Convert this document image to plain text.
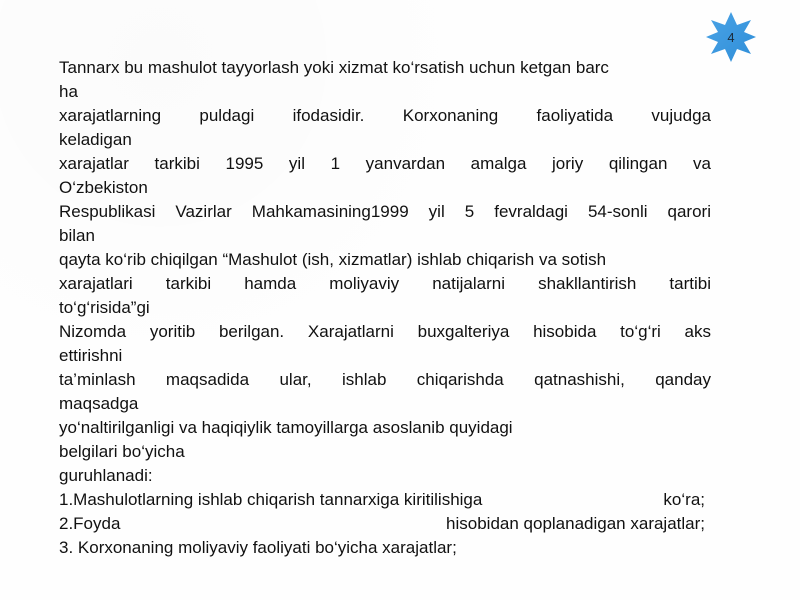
4
Tannarx bu mashulot tayyorlash yoki xizmat ko‘rsatish uchun ketgan barc
ha
xarajatlarning puldagi ifodasidir. Korxonaning faoliyatida vujudga
keladigan
xarajatlar tarkibi 1995 yil 1 yanvardan amalga joriy qilingan va
O‘zbekiston
Respublikasi Vazirlar Mahkamasining1999 yil 5 fevraldagi 54-sonli qarori
bilan
qayta ko‘rib chiqilgan “Mashulot (ish, xizmatlar) ishlab chiqarish va sotish
xarajatlari tarkibi hamda moliyaviy natijalarni shakllantirish tartibi
to‘g‘risida”gi
Nizomda yoritib berilgan. Xarajatlarni buxgalteriya hisobida to‘g‘ri aks
ettirishni
ta’minlash maqsadida ular, ishlab chiqarishda qatnashishi, qanday
maqsadga
yo‘naltirilganligi va haqiqiylik tamoyillarga asoslanib quyidagi
belgilari bo‘yicha
guruhlanadi:
1.Mashulotlarning ishlab chiqarish tannarxiga kiritilishiga	ko‘ra;
2.Foyda	hisobidan qoplanadigan xarajatlar;
3. Korxonaning moliyaviy faoliyati bo‘yicha xarajatlar;
